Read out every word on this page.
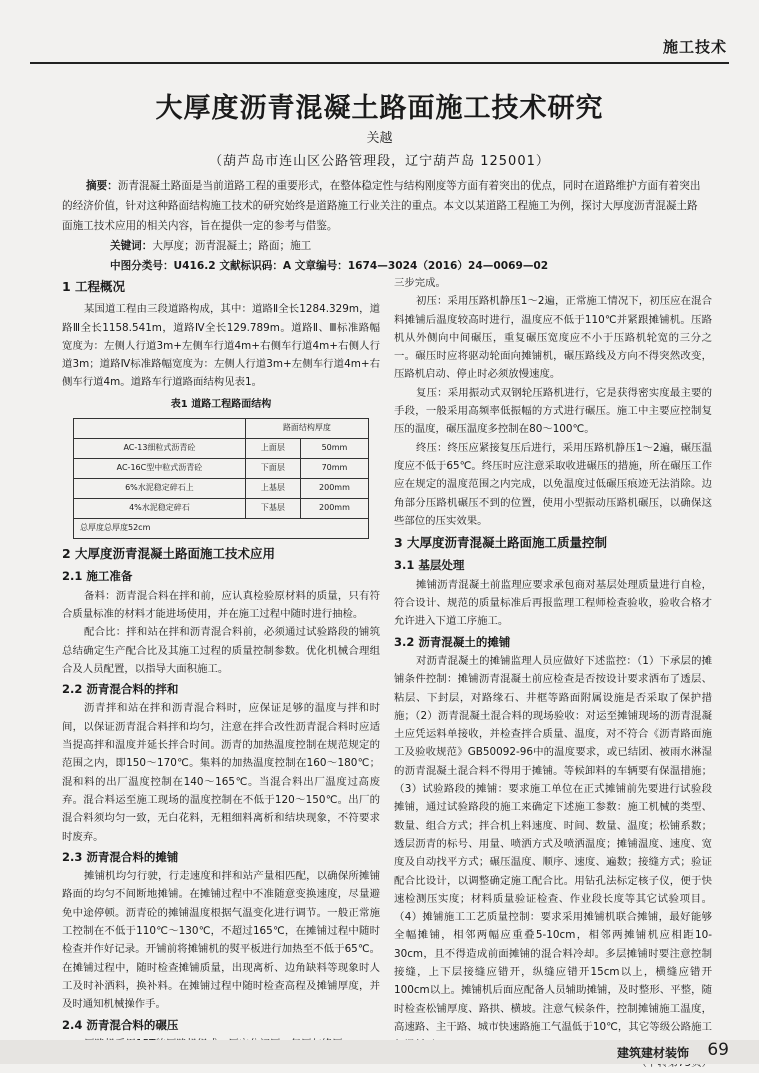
施工技术
大厚度沥青混凝土路面施工技术研究
关越
（葫芦岛市连山区公路管理段，辽宁葫芦岛 125001）

摘要：沥青混凝土路面是当前道路工程的重要形式，在整体稳定性与结构刚度等方面有着突出的优点，同时在道路维护方面有着突出的经济价值，针对这种路面结构施工技术的研究始终是道路施工行业关注的重点。本文以某道路工程施工为例，探讨大厚度沥青混凝土路面施工技术应用的相关内容，旨在提供一定的参考与借鉴。

关键词：大厚度；沥青混凝土；路面；施工

中图分类号：U416.2 文献标识码：A 文章编号：1674—3024（2016）24—0069—02

1 工程概况

某国道工程由三段道路构成，其中：道路Ⅱ全长1284.329m，道路Ⅲ全长1158.541m，道路Ⅳ全长129.789m。道路Ⅱ、Ⅲ标准路幅宽度为：左侧人行道3m+左侧车行道4m+右侧车行道4m+右侧人行道3m；道路Ⅳ标准路幅宽度为：左侧人行道3m+左侧车行道4m+右侧车行道4m。道路车行道路面结构见表1。

表1 道路工程路面结构
	路面结构厚度	
AC-13细粒式沥青砼	上面层	50mm
AC-16C型中粒式沥青砼	下面层	70mm
6%水泥稳定碎石上	上基层	200mm
4%水泥稳定碎石	下基层	200mm
总厚度总厚度52cm		
2 大厚度沥青混凝土路面施工技术应用
2.1 施工准备

备料：沥青混合料在拌和前，应认真检验原材料的质量，只有符合质量标准的材料才能进场使用，并在施工过程中随时进行抽检。

配合比：拌和站在拌和沥青混合料前，必须通过试验路段的铺筑总结确定生产配合比及其施工过程的质量控制参数。优化机械合理组合及人员配置，以指导大面积施工。

2.2 沥青混合料的拌和

沥青拌和站在拌和沥青混合料时，应保证足够的温度与拌和时间，以保证沥青混合料拌和均匀，注意在拌合改性沥青混合料时应适当提高拌和温度并延长拌合时间。沥青的加热温度控制在规范规定的范围之内，即150～170℃。集料的加热温度控制在160～180℃；混和料的出厂温度控制在140～165℃。当混合料出厂温度过高废弃。混合料运至施工现场的温度控制在不低于120～150℃。出厂的混合料须均匀一致，无白花料，无粗细料离析和结块现象，不符要求时废弃。

2.3 沥青混合料的摊铺

摊铺机均匀行驶，行走速度和拌和站产量相匹配，以确保所摊铺路面的均匀不间断地摊铺。在摊铺过程中不准随意变换速度，尽量避免中途停顿。沥青砼的摊铺温度根据气温变化进行调节。一般正常施工控制在不低于110℃～130℃，不超过165℃，在摊铺过程中随时检查并作好记录。开铺前将摊铺机的熨平板进行加热至不低于65℃。在摊铺过程中，随时检查摊铺质量，出现离析、边角缺料等现象时人工及时补洒料，换补料。在摊铺过程中随时检查高程及摊铺厚度，并及时通知机械操作手。

2.4 沥青混合料的碾压

三步完成。

初压：采用压路机静压1～2遍，正常施工情况下，初压应在混合料摊铺后温度较高时进行，温度应不低于110℃并紧跟摊铺机。压路机从外侧向中间碾压，重复碾压宽度应不小于压路机轮宽的三分之一。碾压时应将驱动轮面向摊铺机，碾压路线及方向不得突然改变，压路机启动、停止时必须放慢速度。

复压：采用振动式双钢轮压路机进行，它是获得密实度最主要的手段，一般采用高频率低振幅的方式进行碾压。施工中主要应控制复压的温度，碾压温度多控制在80～100℃。

终压：终压应紧接复压后进行，采用压路机静压1～2遍，碾压温度应不低于65℃。终压时应注意采取收进碾压的措施，所在碾压工作应在规定的温度范围之内完成，以免温度过低碾压痕迹无法消除。边角部分压路机碾压不到的位置，使用小型振动压路机碾压，以确保这些部位的压实效果。

3 大厚度沥青混凝土路面施工质量控制
3.1 基层处理

摊铺沥青混凝土前监理应要求承包商对基层处理质量进行自检，符合设计、规范的质量标准后再报监理工程师检查验收，验收合格才允许进入下道工序施工。

3.2 沥青混凝土的摊铺

对沥青混凝土的摊铺监理人员应做好下述监控：（1）下承层的摊铺条件控制：摊铺沥青混凝土前应检查是否按设计要求洒布了透层、粘层、下封层，对路缘石、井框等路面附属设施是否采取了保护措施；（2）沥青混凝土混合料的现场验收：对运至摊铺现场的沥青混凝土应凭运料单接收，并检查拌合质量、温度，对不符合《沥青路面施工及验收规范》GB50092-96中的温度要求，或已结团、被雨水淋湿的沥青混凝土混合料不得用于摊铺。等候卸料的车辆要有保温措施；（3）试验路段的摊铺：要求施工单位在正式摊铺前先要进行试验段摊铺，通过试验路段的施工来确定下述施工参数：施工机械的类型、数量、组合方式；拌合机上料速度、时间、数量、温度；松铺系数；透层沥青的标号、用量、喷洒方式及喷洒温度；摊铺温度、速度、宽度及自动找平方式；碾压温度、顺序、速度、遍数；接缝方式；验证配合比设计，以调整确定施工配合比。用钻孔法标定核子仪，便于快速检测压实度；材料质量验证检查、作业段长度等其它试验项目。（4）摊铺施工工艺质量控制：要求采用摊铺机联合摊铺，最好能够全幅摊铺，相邻两幅应重叠5-10cm，相邻两摊铺机应相距10-30cm，且不得造成前面摊铺的混合料冷却。多层摊铺时要注意控制接缝，上下层接缝应错开，纵缝应错开15cm以上，横缝应错开100cm以上。摊铺机后面应配备人员辅助摊铺，及时整形、平整，随时检查松铺厚度、路拱、横坡。注意气候条件，控制摊铺施工温度，高速路、主干路、城市快速路施工气温低于10℃，其它等级公路施工

建筑建材装饰 69
